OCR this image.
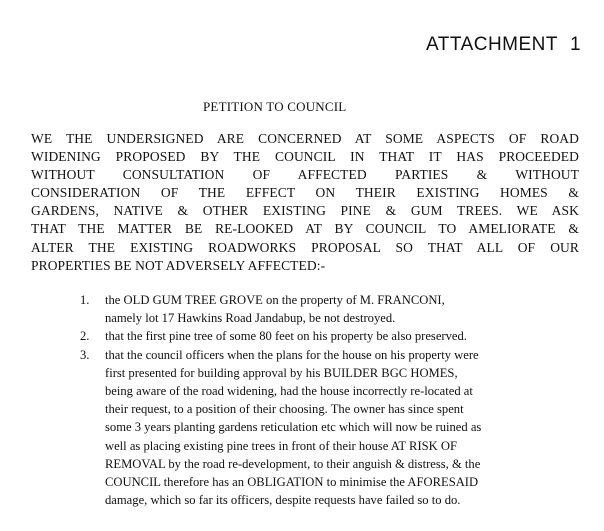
ATTACHMENT 1
PETITION TO COUNCIL

WE THE UNDERSIGNED ARE CONCERNED AT SOME ASPECTS OF ROAD
WIDENING PROPOSED BY THE COUNCIL IN THAT IT HAS PROCEEDED
WITHOUT CONSULTATION OF AFFECTED PARTIES & WITHOUT
CONSIDERATION OF THE EFFECT ON THEIR EXISTING HOMES &
GARDENS, NATIVE & OTHER EXISTING PINE & GUM TREES. WE ASK
THAT THE MATTER BE RE-LOOKED AT BY COUNCIL TO AMELIORATE &
ALTER THE EXISTING ROADWORKS PROPOSAL SO THAT ALL OF OUR
PROPERTIES BE NOT ADVERSELY AFFECTED:-

1. the OLD GUM TREE GROVE on the property of M. FRANCONI,
namely lot 17 Hawkins Road Jandabup, be not destroyed.
2. that the first pine tree of some 80 feet on his property be also preserved.
3. that the council officers when the plans for the house on his property were
first presented for building approval by his BUILDER BGC HOMES,
being aware of the road widening, had the house incorrectly re-located at
their request, to a position of their choosing. The owner has since spent
some 3 years planting gardens reticulation etc which will now be ruined as
well as placing existing pine trees in front of their house AT RISK OF
REMOVAL by the road re-development, to their anguish & distress, & the
COUNCIL therefore has an OBLIGATION to minimise the AFORESAID
damage, which so far its officers, despite requests have failed so to do.
